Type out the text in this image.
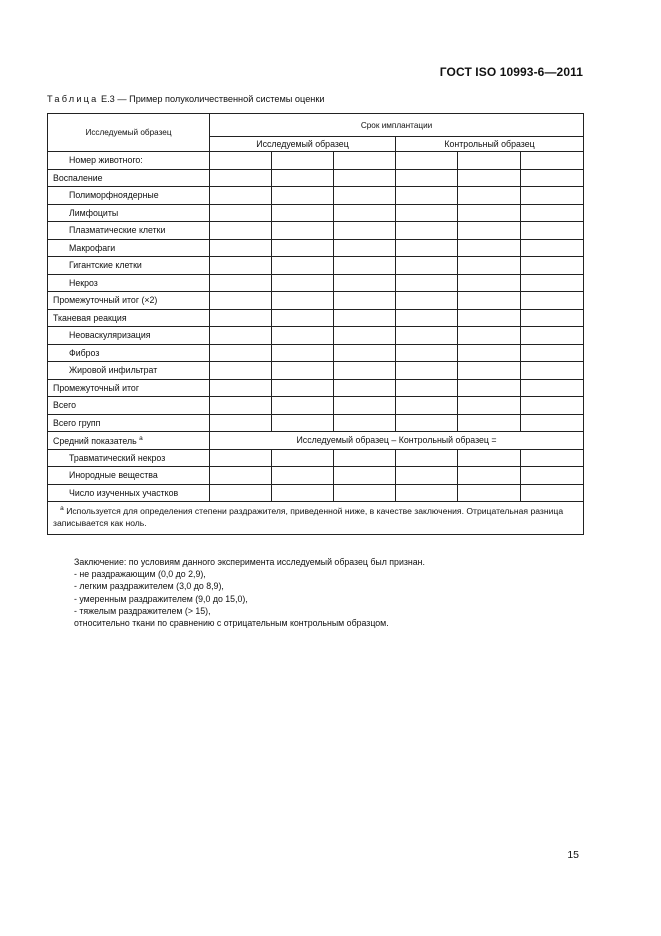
ГОСТ ISO 10993-6—2011
Таблица Е.3 — Пример полуколичественной системы оценки
Исследуемый образец	Срок имплантации					
	Исследуемый образец			Контрольный образец		
Номер животного:						
Воспаление						
Полиморфноядерные						
Лимфоциты						
Плазматические клетки						
Макрофаги						
Гигантские клетки						
Некроз						
Промежуточный итог (×2)						
Тканевая реакция						
Неоваскуляризация						
Фиброз						
Жировой инфильтрат						
Промежуточный итог						
Всего						
Всего групп						
Средний показатель $^a$	Исследуемый образец – Контрольный образец =					
Травматический некроз						
Инородные вещества						
Число изученных участков						
$^a$ Используется для определения степени раздражителя, приведенной ниже, в качестве заключения. Отрицательная разница записывается как ноль.						
Заключение: по условиям данного эксперимента исследуемый образец был признан.
- не раздражающим (0,0 до 2,9),
- легким раздражителем (3,0 до 8,9),
- умеренным раздражителем (9,0 до 15,0),
- тяжелым раздражителем (> 15),
относительно ткани по сравнению с отрицательным контрольным образцом.
15
